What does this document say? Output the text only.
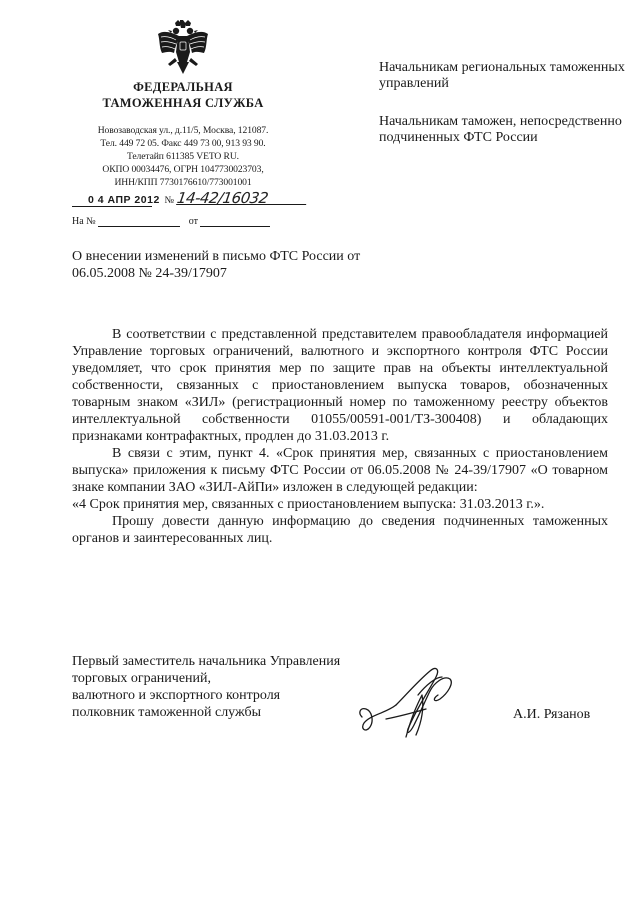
ФЕДЕРАЛЬНАЯ
ТАМОЖЕННАЯ СЛУЖБА
Новозаводская ул., д.11/5, Москва, 121087.
Тел. 449 72 05. Факс 449 73 00, 913 93 90.
Телетайп 611385 VETO RU.
ОКПО 00034476, ОГРН 1047730023703,
ИНН/КПП 7730176610/773001001
0 4 АПР 2012 № 14-42/16032
На №	от
Начальникам региональных таможенных управлений
Начальникам таможен, непосредственно подчиненных ФТС России
О внесении изменений в письмо ФТС России от 06.05.2008 № 24-39/17907

В соответствии с представленной представителем правообладателя информацией Управление торговых ограничений, валютного и экспортного контроля ФТС России уведомляет, что срок принятия мер по защите прав на объекты интеллектуальной собственности, связанных с приостановлением выпуска товаров, обозначенных товарным знаком «ЗИЛ» (регистрационный номер по таможенному реестру объектов интеллектуальной собственности 01055/00591-001/ТЗ-300408) и обладающих признаками контрафактных, продлен до 31.03.2013 г.

В связи с этим, пункт 4. «Срок принятия мер, связанных с приостановлением выпуска» приложения к письму ФТС России от 06.05.2008 № 24-39/17907 «О товарном знаке компании ЗАО «ЗИЛ-АйПи» изложен в следующей редакции:

«4 Срок принятия мер, связанных с приостановлением выпуска: 31.03.2013 г.».

Прошу довести данную информацию до сведения подчиненных таможенных органов и заинтересованных лиц.

Первый заместитель начальника Управления
торговых ограничений,
валютного и экспортного контроля
полковник таможенной службы	А.И. Рязанов
